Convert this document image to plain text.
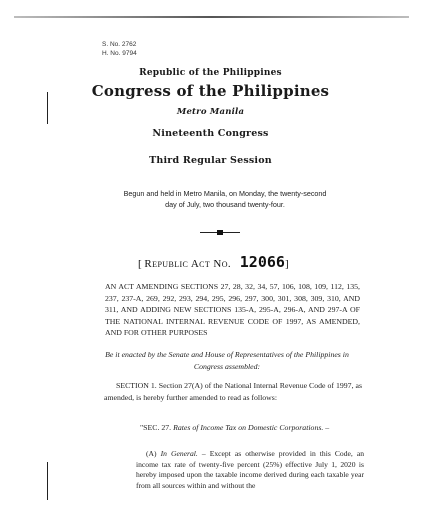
S. No. 2762
H. No. 9794
Republic of the Philippines
Congress of the Philippines
Metro Manila
Nineteenth Congress
Third Regular Session
Begun and held in Metro Manila, on Monday, the twenty-second day of July, two thousand twenty-four.
[ Republic Act No. 12066]
AN ACT AMENDING SECTIONS 27, 28, 32, 34, 57, 106, 108, 109, 112, 135, 237, 237-A, 269, 292, 293, 294, 295, 296, 297, 300, 301, 308, 309, 310, AND 311, AND ADDING NEW SECTIONS 135-A, 295-A, 296-A, AND 297-A OF THE NATIONAL INTERNAL REVENUE CODE OF 1997, AS AMENDED, AND FOR OTHER PURPOSES
Be it enacted by the Senate and House of Representatives of the Philippines in Congress assembled:
SECTION 1. Section 27(A) of the National Internal Revenue Code of 1997, as amended, is hereby further amended to read as follows:
"SEC. 27. Rates of Income Tax on Domestic Corporations. –
(A) In General. – Except as otherwise provided in this Code, an income tax rate of twenty-five percent (25%) effective July 1, 2020 is hereby imposed upon the taxable income derived during each taxable year from all sources within and without the
